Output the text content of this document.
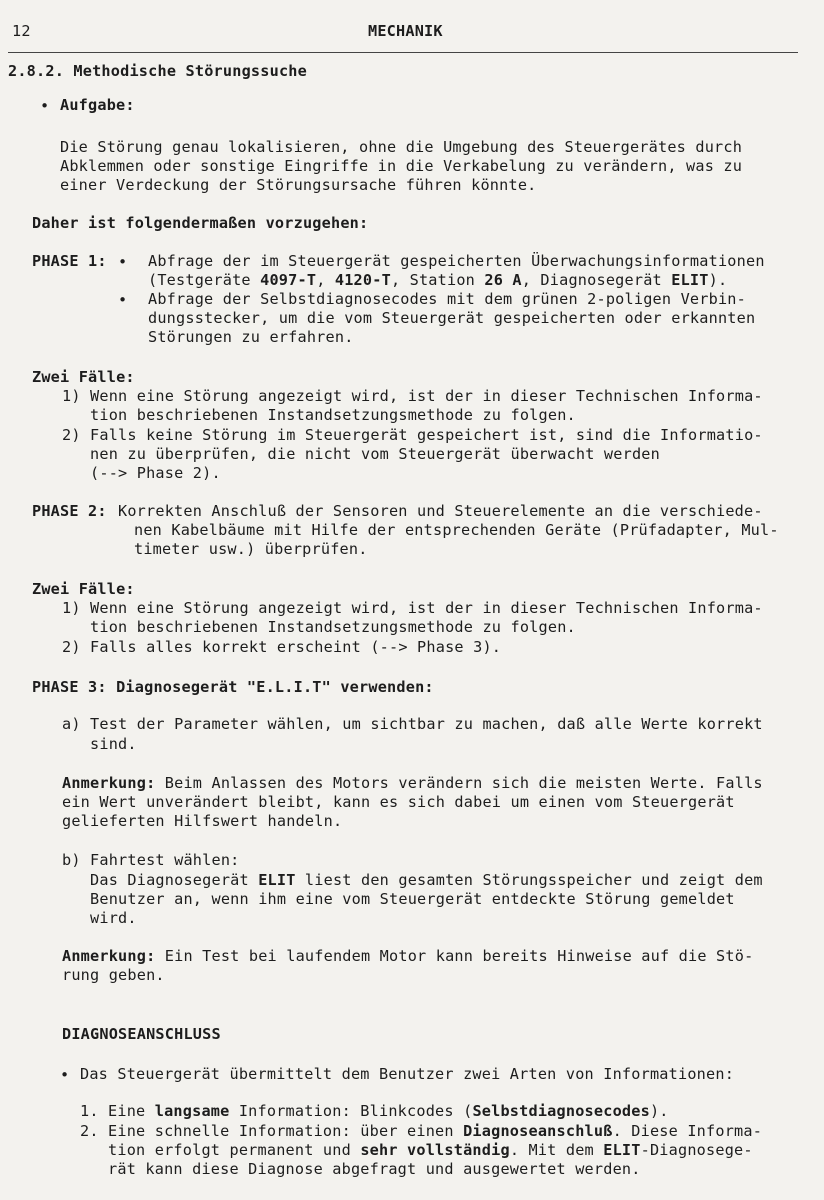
12	MECHANIK
2.8.2. Methodische Störungssuche
• Aufgabe:
Die Störung genau lokalisieren, ohne die Umgebung des Steuergerätes durch
Abklemmen oder sonstige Eingriffe in die Verkabelung zu verändern, was zu
einer Verdeckung der Störungsursache führen könnte.
Daher ist folgendermaßen vorzugehen:
PHASE 1: • Abfrage der im Steuergerät gespeicherten Überwachungsinformationen
(Testgeräte 4097-T, 4120-T, Station 26 A, Diagnosegerät ELIT).
• Abfrage der Selbstdiagnosecodes mit dem grünen 2-poligen Verbin-
dungsstecker, um die vom Steuergerät gespeicherten oder erkannten
Störungen zu erfahren.
Zwei Fälle:
1) Wenn eine Störung angezeigt wird, ist der in dieser Technischen Informa-
tion beschriebenen Instandsetzungsmethode zu folgen.
2) Falls keine Störung im Steuergerät gespeichert ist, sind die Informatio-
nen zu überprüfen, die nicht vom Steuergerät überwacht werden
(--> Phase 2).
PHASE 2: Korrekten Anschluß der Sensoren und Steuerelemente an die verschiede-
nen Kabelbäume mit Hilfe der entsprechenden Geräte (Prüfadapter, Mul-
timeter usw.) überprüfen.
Zwei Fälle:
1) Wenn eine Störung angezeigt wird, ist der in dieser Technischen Informa-
tion beschriebenen Instandsetzungsmethode zu folgen.
2) Falls alles korrekt erscheint (--> Phase 3).
PHASE 3: Diagnosegerät "E.L.I.T" verwenden:
a) Test der Parameter wählen, um sichtbar zu machen, daß alle Werte korrekt
sind.
Anmerkung: Beim Anlassen des Motors verändern sich die meisten Werte. Falls
ein Wert unverändert bleibt, kann es sich dabei um einen vom Steuergerät
gelieferten Hilfswert handeln.
b) Fahrtest wählen:
Das Diagnosegerät ELIT liest den gesamten Störungsspeicher und zeigt dem
Benutzer an, wenn ihm eine vom Steuergerät entdeckte Störung gemeldet
wird.
Anmerkung: Ein Test bei laufendem Motor kann bereits Hinweise auf die Stö-
rung geben.
DIAGNOSEANSCHLUSS
• Das Steuergerät übermittelt dem Benutzer zwei Arten von Informationen:
1. Eine langsame Information: Blinkcodes (Selbstdiagnosecodes).
2. Eine schnelle Information: über einen Diagnoseanschluß. Diese Informa-
tion erfolgt permanent und sehr vollständig. Mit dem ELIT-Diagnosege-
rät kann diese Diagnose abgefragt und ausgewertet werden.
